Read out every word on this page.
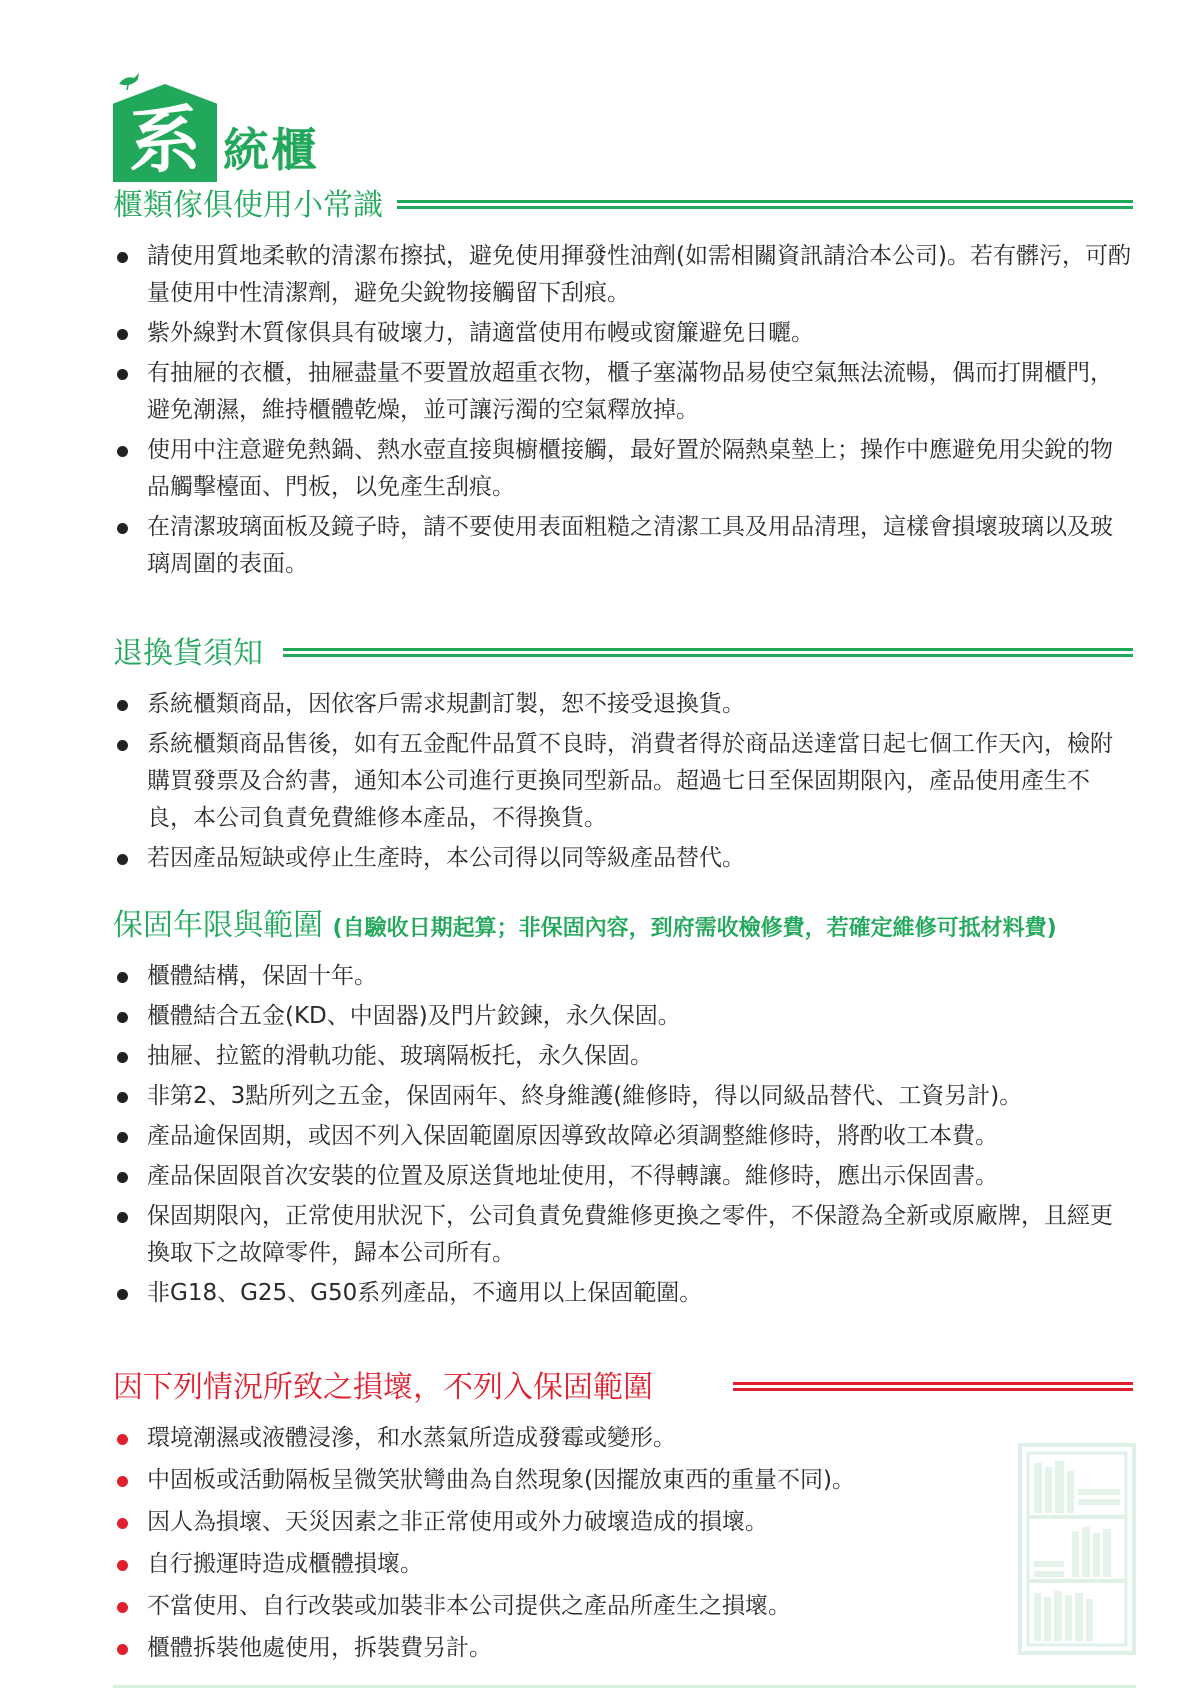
系 統櫃
櫃類傢俱使用小常識
請使用質地柔軟的清潔布擦拭，避免使用揮發性油劑(如需相關資訊請洽本公司)。若有髒污，可酌量使用中性清潔劑，避免尖銳物接觸留下刮痕。
紫外線對木質傢俱具有破壞力，請適當使用布幔或窗簾避免日曬。
有抽屜的衣櫃，抽屜盡量不要置放超重衣物，櫃子塞滿物品易使空氣無法流暢，偶而打開櫃門，避免潮濕，維持櫃體乾燥，並可讓污濁的空氣釋放掉。
使用中注意避免熱鍋、熱水壺直接與櫥櫃接觸，最好置於隔熱桌墊上；操作中應避免用尖銳的物品觸擊檯面、門板，以免產生刮痕。
在清潔玻璃面板及鏡子時，請不要使用表面粗糙之清潔工具及用品清理，這樣會損壞玻璃以及玻璃周圍的表面。
退換貨須知
系統櫃類商品，因依客戶需求規劃訂製，恕不接受退換貨。
系統櫃類商品售後，如有五金配件品質不良時，消費者得於商品送達當日起七個工作天內，檢附購買發票及合約書，通知本公司進行更換同型新品。超過七日至保固期限內，產品使用產生不良，本公司負責免費維修本產品，不得換貨。
若因產品短缺或停止生產時，本公司得以同等級產品替代。
保固年限與範圍 (自驗收日期起算；非保固內容，到府需收檢修費，若確定維修可抵材料費)
櫃體結構，保固十年。
櫃體結合五金(KD、中固器)及門片鉸鍊，永久保固。
抽屜、拉籃的滑軌功能、玻璃隔板托，永久保固。
非第2、3點所列之五金，保固兩年、終身維護(維修時，得以同級品替代、工資另計)。
產品逾保固期，或因不列入保固範圍原因導致故障必須調整維修時，將酌收工本費。
產品保固限首次安裝的位置及原送貨地址使用，不得轉讓。維修時，應出示保固書。
保固期限內，正常使用狀況下，公司負責免費維修更換之零件，不保證為全新或原廠牌，且經更換取下之故障零件，歸本公司所有。
非G18、G25、G50系列產品，不適用以上保固範圍。
因下列情況所致之損壞，不列入保固範圍
環境潮濕或液體浸滲，和水蒸氣所造成發霉或變形。
中固板或活動隔板呈微笑狀彎曲為自然現象(因擺放東西的重量不同)。
因人為損壞、天災因素之非正常使用或外力破壞造成的損壞。
自行搬運時造成櫃體損壞。
不當使用、自行改裝或加裝非本公司提供之產品所產生之損壞。
櫃體拆裝他處使用，拆裝費另計。
